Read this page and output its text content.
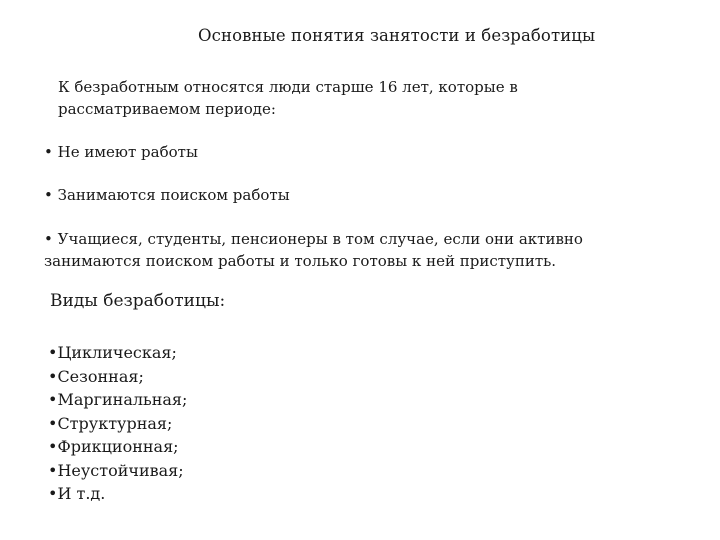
Основные понятия занятости и безработицы
К безработным относятся люди старше 16 лет, которые в рассматриваемом периоде:
• Не имеют работы
• Занимаются поиском работы
• Учащиеся, студенты, пенсионеры в том случае, если они активно занимаются поиском работы и только готовы к ней приступить.
Виды безработицы:
•Циклическая;
•Сезонная;
•Маргинальная;
•Структурная;
•Фрикционная;
•Неустойчивая;
•И т.д.
